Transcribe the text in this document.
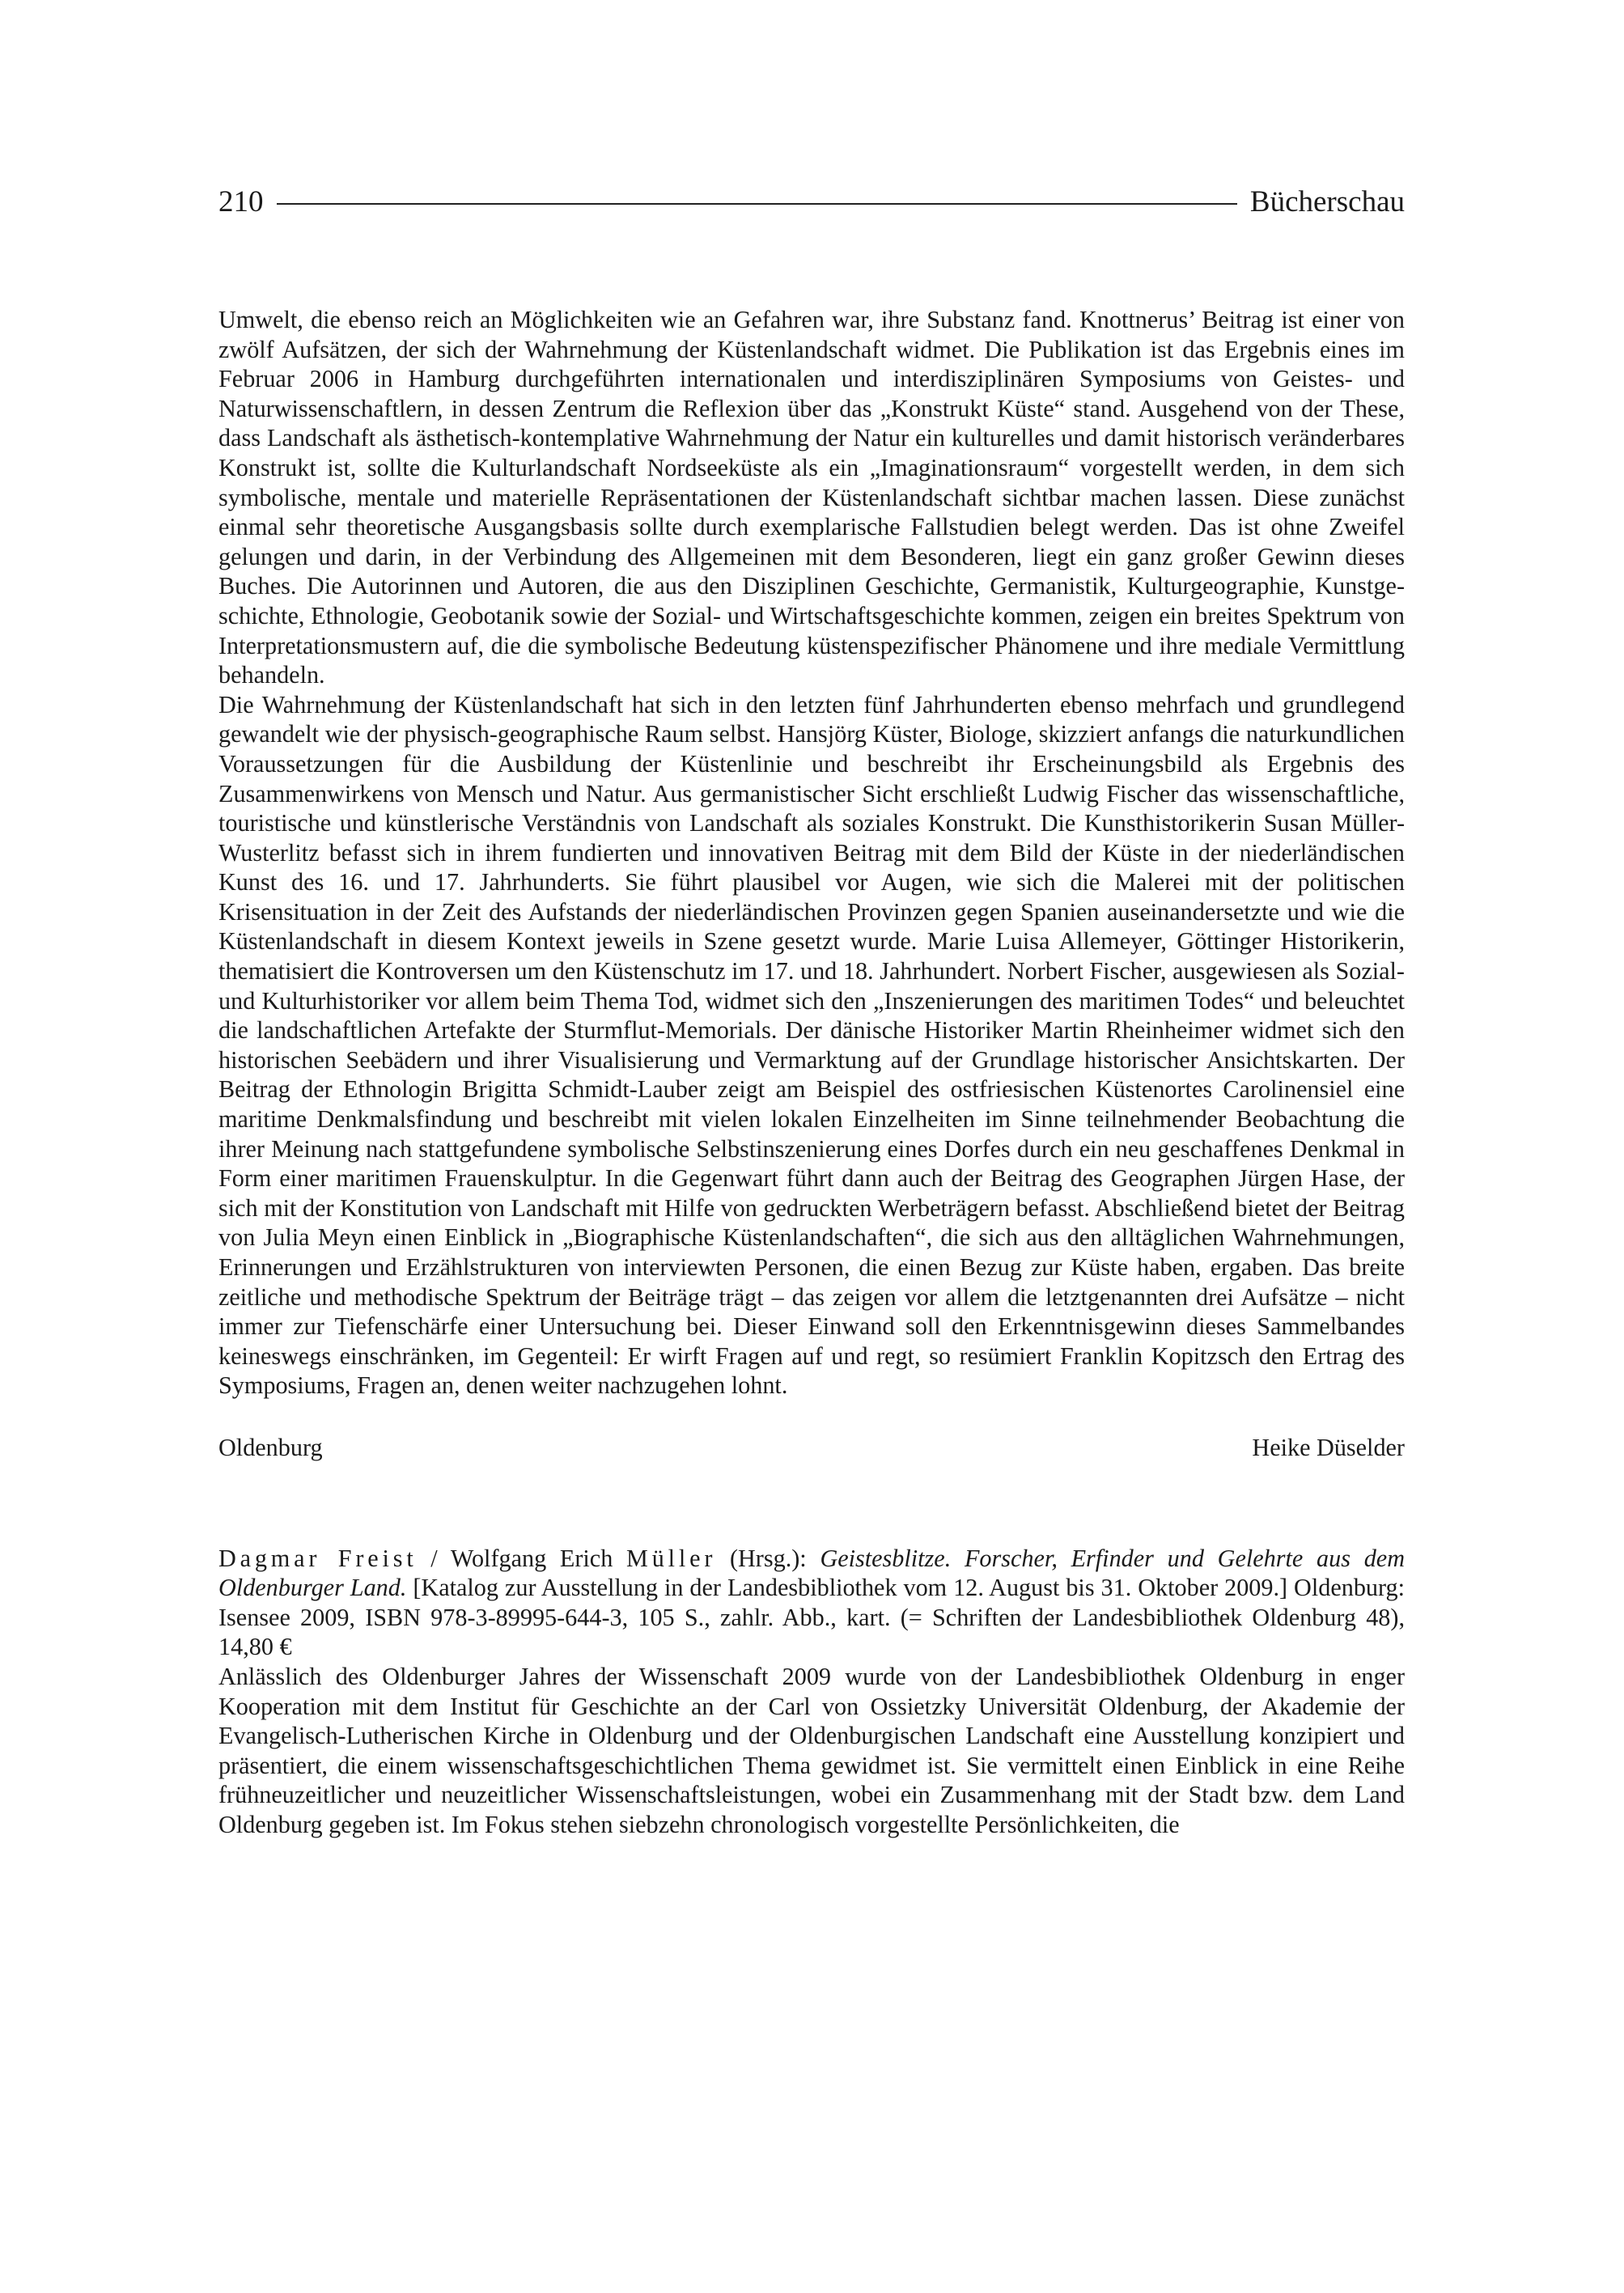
210	Bücherschau

Umwelt, die ebenso reich an Möglichkeiten wie an Gefahren war, ihre Substanz fand. Knottnerus’ Beitrag ist einer von zwölf Aufsätzen, der sich der Wahrnehmung der Küstenlandschaft widmet. Die Publikation ist das Ergebnis eines im Februar 2006 in Hamburg durchgeführten internationalen und interdisziplinären Symposiums von Geistes- und Naturwissenschaftlern, in dessen Zentrum die Reflexion über das „Konstrukt Küste“ stand. Ausgehend von der These, dass Landschaft als ästhetisch-kontemplative Wahrnehmung der Natur ein kulturelles und damit historisch veränderbares Konstrukt ist, sollte die Kulturlandschaft Nordseeküste als ein „Imaginationsraum“ vorgestellt werden, in dem sich symbolische, mentale und materielle Repräsentationen der Küstenlandschaft sichtbar machen lassen. Diese zunächst einmal sehr theoretische Ausgangsbasis sollte durch exemplarische Fallstudien belegt werden. Das ist ohne Zweifel gelungen und darin, in der Verbindung des Allgemeinen mit dem Besonderen, liegt ein ganz großer Gewinn dieses Buches. Die Autorinnen und Autoren, die aus den Disziplinen Geschichte, Germanistik, Kulturgeographie, Kunstgeschichte, Ethnologie, Geobotanik sowie der Sozial- und Wirtschaftsgeschichte kommen, zeigen ein breites Spektrum von Interpretationsmustern auf, die die symbolische Bedeutung küstenspezifischer Phänomene und ihre mediale Vermittlung behandeln.

Die Wahrnehmung der Küstenlandschaft hat sich in den letzten fünf Jahrhunderten ebenso mehrfach und grundlegend gewandelt wie der physisch-geographische Raum selbst. Hansjörg Küster, Biologe, skizziert anfangs die naturkundlichen Voraussetzungen für die Ausbildung der Küstenlinie und beschreibt ihr Erscheinungsbild als Ergebnis des Zusammenwirkens von Mensch und Natur. Aus germanistischer Sicht erschließt Ludwig Fischer das wissenschaftliche, touristische und künstlerische Verständnis von Landschaft als soziales Konstrukt. Die Kunsthistorikerin Susan Müller-Wusterlitz befasst sich in ihrem fundierten und innovativen Beitrag mit dem Bild der Küste in der niederländischen Kunst des 16. und 17. Jahrhunderts. Sie führt plausibel vor Augen, wie sich die Malerei mit der politischen Krisensituation in der Zeit des Aufstands der niederländischen Provinzen gegen Spanien auseinandersetzte und wie die Küstenlandschaft in diesem Kontext jeweils in Szene gesetzt wurde. Marie Luisa Allemeyer, Göttinger Historikerin, thematisiert die Kontroversen um den Küstenschutz im 17. und 18. Jahrhundert. Norbert Fischer, ausgewiesen als Sozial- und Kulturhistoriker vor allem beim Thema Tod, widmet sich den „Inszenierungen des maritimen Todes“ und beleuchtet die landschaftlichen Artefakte der Sturmflut-Memorials. Der dänische Historiker Martin Rheinheimer widmet sich den historischen Seebädern und ihrer Visualisierung und Vermarktung auf der Grundlage historischer Ansichtskarten. Der Beitrag der Ethnologin Brigitta Schmidt-Lauber zeigt am Beispiel des ostfriesischen Küstenortes Carolinensiel eine maritime Denkmalsfindung und beschreibt mit vielen lokalen Einzelheiten im Sinne teilnehmender Beobachtung die ihrer Meinung nach stattgefundene symbolische Selbstinszenierung eines Dorfes durch ein neu geschaffenes Denkmal in Form einer maritimen Frauenskulptur. In die Gegenwart führt dann auch der Beitrag des Geographen Jürgen Hase, der sich mit der Konstitution von Landschaft mit Hilfe von gedruckten Werbeträgern befasst. Abschließend bietet der Beitrag von Julia Meyn einen Einblick in „Biographische Küstenlandschaften“, die sich aus den alltäglichen Wahrnehmungen, Erinnerungen und Erzählstrukturen von interviewten Personen, die einen Bezug zur Küste haben, ergaben. Das breite zeitliche und methodische Spektrum der Beiträge trägt – das zeigen vor allem die letztgenannten drei Aufsätze – nicht immer zur Tiefenschärfe einer Untersuchung bei. Dieser Einwand soll den Erkenntnisgewinn dieses Sammelbandes keineswegs einschränken, im Gegenteil: Er wirft Fragen auf und regt, so resümiert Franklin Kopitzsch den Ertrag des Symposiums, Fragen an, denen weiter nachzugehen lohnt.

Oldenburg	Heike Düselder

Dagmar Freist / Wolfgang Erich Müller (Hrsg.): Geistesblitze. Forscher, Erfinder und Gelehrte aus dem Oldenburger Land. [Katalog zur Ausstellung in der Landesbibliothek vom 12. August bis 31. Oktober 2009.] Oldenburg: Isensee 2009, ISBN 978-3-89995-644-3, 105 S., zahlr. Abb., kart. (= Schriften der Landesbibliothek Oldenburg 48), 14,80 €

Anlässlich des Oldenburger Jahres der Wissenschaft 2009 wurde von der Landesbibliothek Oldenburg in enger Kooperation mit dem Institut für Geschichte an der Carl von Ossietzky Universität Oldenburg, der Akademie der Evangelisch-Lutherischen Kirche in Oldenburg und der Oldenburgischen Landschaft eine Ausstellung konzipiert und präsentiert, die einem wissenschaftsgeschichtlichen Thema gewidmet ist. Sie vermittelt einen Einblick in eine Reihe frühneuzeitlicher und neuzeitlicher Wissenschaftsleistungen, wobei ein Zusammenhang mit der Stadt bzw. dem Land Oldenburg gegeben ist. Im Fokus stehen siebzehn chronologisch vorgestellte Persönlichkeiten, die
